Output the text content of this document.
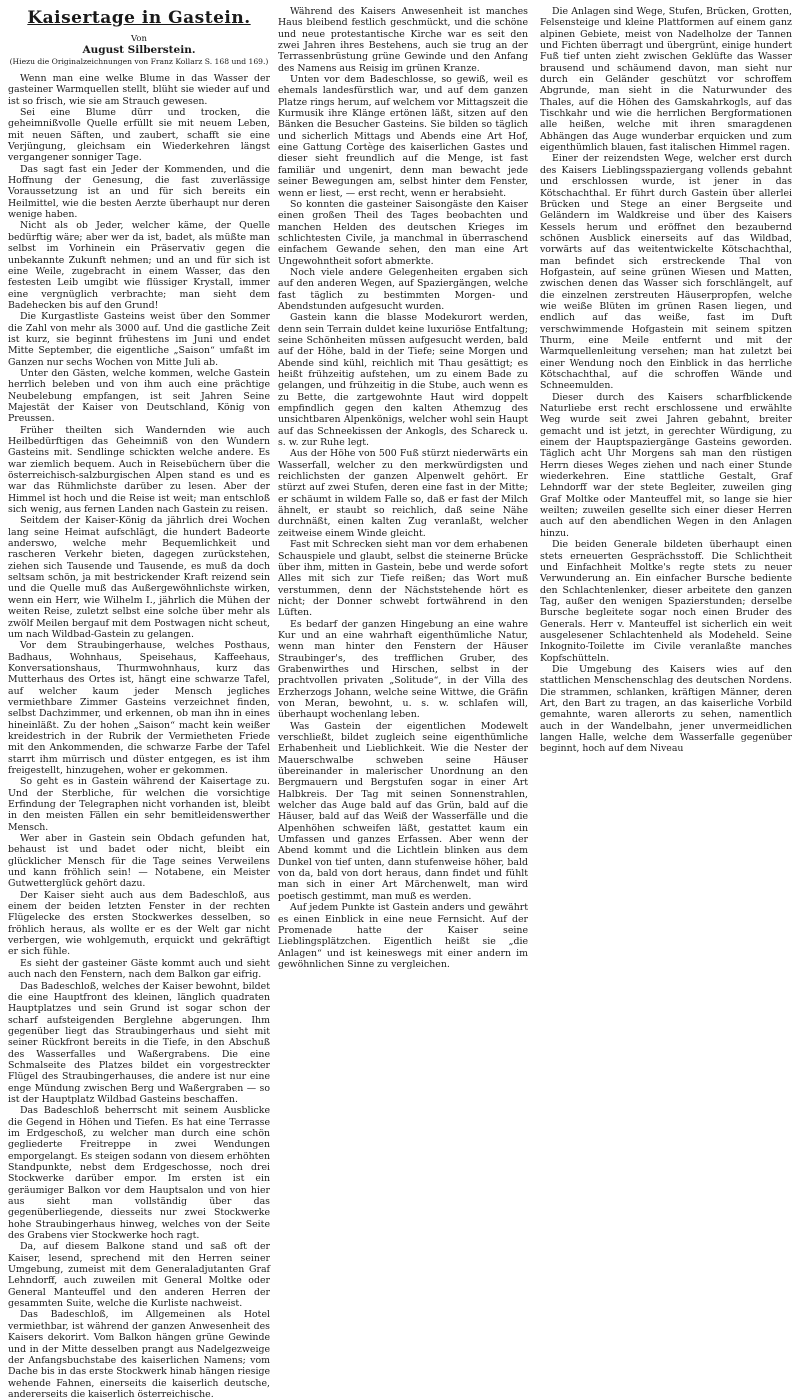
Kaisertage in Gastein.
Von
August Silberstein.
(Hiezu die Originalzeichnungen von Franz Kollarz S. 168 und 169.)

Wenn man eine welke Blume in das Wasser der gasteiner Warmquellen stellt, blüht sie wieder auf und ist so frisch, wie sie am Strauch gewesen.

Sei eine Blume dürr und trocken, die geheimnißvolle Quelle erfüllt sie mit neuem Leben, mit neuen Säften, und zaubert, schafft sie eine Verjüngung, gleichsam ein Wiederkehren längst vergangener sonniger Tage.

Das sagt fast ein Jeder der Kommenden, und die Hoffnung der Genesung, die fast zuverlässige Voraussetzung ist an und für sich bereits ein Heilmittel, wie die besten Aerzte überhaupt nur deren wenige haben.

Nicht als ob Jeder, welcher käme, der Quelle bedürftig wäre; aber wer da ist, badet, als müßte man selbst im Vorhinein ein Präservativ gegen die unbekannte Zukunft nehmen; und an und für sich ist eine Weile, zugebracht in einem Wasser, das den festesten Leib umgibt wie flüssiger Krystall, immer eine vergnüglich verbrachte; man sieht dem Badehecken bis auf den Grund!

Die Kurgastliste Gasteins weist über den Sommer die Zahl von mehr als 3000 auf. Und die gastliche Zeit ist kurz, sie beginnt frühestens im Juni und endet Mitte September, die eigentliche „Saison“ umfaßt im Ganzen nur sechs Wochen von Mitte Juli ab.

Unter den Gästen, welche kommen, welche Gastein herrlich beleben und von ihm auch eine prächtige Neubelebung empfangen, ist seit Jahren Seine Majestät der Kaiser von Deutschland, König von Preussen.

Früher theilten sich Wandernden wie auch Heilbedürftigen das Geheimniß von den Wundern Gasteins mit. Sendlinge schickten welche andere. Es war ziemlich bequem. Auch in Reisebüchern über die österreichisch-salzburgischen Alpen stand es und es war das Rühmlichste darüber zu lesen. Aber der Himmel ist hoch und die Reise ist weit; man entschloß sich wenig, aus fernen Landen nach Gastein zu reisen.

Seitdem der Kaiser-König da jährlich drei Wochen lang seine Heimat aufschlägt, die hundert Badeorte anderswo, welche mehr Bequemlichkeit und rascheren Verkehr bieten, dagegen zurückstehen, ziehen sich Tausende und Tausende, es muß da doch seltsam schön, ja mit bestrickender Kraft reizend sein und die Quelle muß das Außergewöhnlichste wirken, wenn ein Herr, wie Wilhelm I., jährlich die Mühen der weiten Reise, zuletzt selbst eine solche über mehr als zwölf Meilen bergauf mit dem Postwagen nicht scheut, um nach Wildbad-Gastein zu gelangen.

Vor dem Straubingerhause, welches Posthaus, Badhaus, Wohnhaus, Speisehaus, Kaffeehaus, Konversationshaus, Thurmwohnhaus, kurz das Mutterhaus des Ortes ist, hängt eine schwarze Tafel, auf welcher kaum jeder Mensch jegliches vermiethbare Zimmer Gasteins verzeichnet finden, selbst Dachzimmer, und erkennen, ob man ihn in eines hineinläßt. Zu der hohen „Saison“ macht kein weißer kreidestrich in der Rubrik der Vermietheten Friede mit den Ankommenden, die schwarze Farbe der Tafel starrt ihm mürrisch und düster entgegen, es ist ihm freigestellt, hinzugehen, woher er gekommen.

So geht es in Gastein während der Kaisertage zu. Und der Sterbliche, für welchen die vorsichtige Erfindung der Telegraphen nicht vorhanden ist, bleibt in den meisten Fällen ein sehr bemitleidenswerther Mensch.

Wer aber in Gastein sein Obdach gefunden hat, behaust ist und badet oder nicht, bleibt ein glücklicher Mensch für die Tage seines Verweilens und kann fröhlich sein! — Notabene, ein Meister Gutwetterglück gehört dazu.

Der Kaiser sieht auch aus dem Badeschloß, aus einem der beiden letzten Fenster in der rechten Flügelecke des ersten Stockwerkes desselben, so fröhlich heraus, als wollte er es der Welt gar nicht verbergen, wie wohlgemuth, erquickt und gekräftigt er sich fühle.

Es sieht der gasteiner Gäste kommt auch und sieht auch nach den Fenstern, nach dem Balkon gar eifrig.

Das Badeschloß, welches der Kaiser bewohnt, bildet die eine Hauptfront des kleinen, länglich quadraten Hauptplatzes und sein Grund ist sogar schon der scharf aufsteigenden Berglehne abgerungen. Ihm gegenüber liegt das Straubingerhaus und sieht mit seiner Rückfront bereits in die Tiefe, in den Abschuß des Wasserfalles und Waßergrabens. Die eine Schmalseite des Platzes bildet ein vorgestreckter Flügel des Straubingerhauses, die andere ist nur eine enge Mündung zwischen Berg und Waßergraben — so ist der Hauptplatz Wildbad Gasteins beschaffen.

Das Badeschloß beherrscht mit seinem Ausblicke die Gegend in Höhen und Tiefen. Es hat eine Terrasse im Erdgeschoß, zu welcher man durch eine schön gegliederte Freitreppe in zwei Wendungen emporgelangt. Es steigen sodann von diesem erhöhten Standpunkte, nebst dem Erdgeschosse, noch drei Stockwerke darüber empor. Im ersten ist ein geräumiger Balkon vor dem Hauptsalon und von hier aus sieht man vollständig über das gegenüberliegende, diesseits nur zwei Stockwerke hohe Straubingerhaus hinweg, welches von der Seite des Grabens vier Stockwerke hoch ragt.

Da, auf diesem Balkone stand und saß oft der Kaiser, lesend, sprechend mit den Herren seiner Umgebung, zumeist mit dem Generaladjutanten Graf Lehndorff, auch zuweilen mit General Moltke oder General Manteuffel und den anderen Herren der gesammten Suite, welche die Kurliste nachweist.

Das Badeschloß, im Allgemeinen als Hotel vermiethbar, ist während der ganzen Anwesenheit des Kaisers dekorirt. Vom Balkon hängen grüne Gewinde und in der Mitte desselben prangt aus Nadelgezweige der Anfangsbuchstabe des kaiserlichen Namens; vom Dache bis in das erste Stockwerk hinab hängen riesige wehende Fahnen, einerseits die kaiserlich deutsche, andererseits die kaiserlich österreichische.

Während des Kaisers Anwesenheit ist manches Haus bleibend festlich geschmückt, und die schöne und neue protestantische Kirche war es seit den zwei Jahren ihres Bestehens, auch sie trug an der Terrassenbrüstung grüne Gewinde und den Anfang des Namens aus Reisig im grünen Kranze.

Unten vor dem Badeschlosse, so gewiß, weil es ehemals landesfürstlich war, und auf dem ganzen Platze rings herum, auf welchem vor Mittagszeit die Kurmusik ihre Klänge ertönen läßt, sitzen auf den Bänken die Besucher Gasteins. Sie bilden so täglich und sicherlich Mittags und Abends eine Art Hof, eine Gattung Cortège des kaiserlichen Gastes und dieser sieht freundlich auf die Menge, ist fast familiär und ungenirt, denn man bewacht jede seiner Bewegungen am, selbst hinter dem Fenster, wenn er liest, — erst recht, wenn er herabsieht.

So konnten die gasteiner Saisongäste den Kaiser einen großen Theil des Tages beobachten und manchen Helden des deutschen Krieges im schlichtesten Civile, ja manchmal in überraschend einfachem Gewande sehen, den man eine Art Ungewohntheit sofort abmerkte.

Noch viele andere Gelegenheiten ergaben sich auf den anderen Wegen, auf Spaziergängen, welche fast täglich zu bestimmten Morgen- und Abendstunden aufgesucht wurden.

Gastein kann die blasse Modekurort werden, denn sein Terrain duldet keine luxuriöse Entfaltung; seine Schönheiten müssen aufgesucht werden, bald auf der Höhe, bald in der Tiefe; seine Morgen und Abende sind kühl, reichlich mit Thau gesättigt; es heißt frühzeitig aufstehen, um zu einem Bade zu gelangen, und frühzeitig in die Stube, auch wenn es zu Bette, die zartgewohnte Haut wird doppelt empfindlich gegen den kalten Athemzug des unsichtbaren Alpenkönigs, welcher wohl sein Haupt auf das Schneekissen der Ankogls, des Schareck u. s. w. zur Ruhe legt.

Aus der Höhe von 500 Fuß stürzt niederwärts ein Wasserfall, welcher zu den merkwürdigsten und reichlichsten der ganzen Alpenwelt gehört. Er stürzt auf zwei Stufen, deren eine fast in der Mitte; er schäumt in wildem Falle so, daß er fast der Milch ähnelt, er staubt so reichlich, daß seine Nähe durchnäßt, einen kalten Zug veranlaßt, welcher zeitweise einem Winde gleicht.

Fast mit Schrecken sieht man vor dem erhabenen Schauspiele und glaubt, selbst die steinerne Brücke über ihm, mitten in Gastein, bebe und werde sofort Alles mit sich zur Tiefe reißen; das Wort muß verstummen, denn der Nächststehende hört es nicht; der Donner schwebt fortwährend in den Lüften.

Es bedarf der ganzen Hingebung an eine wahre Kur und an eine wahrhaft eigenthümliche Natur, wenn man hinter den Fenstern der Häuser Straubinger's, des trefflichen Gruber, des Grabenwirthes und Hirschen, selbst in der prachtvollen privaten „Solitude“, in der Villa des Erzherzogs Johann, welche seine Wittwe, die Gräfin von Meran, bewohnt, u. s. w. schlafen will, überhaupt wochenlang leben.

Was Gastein der eigentlichen Modewelt verschließt, bildet zugleich seine eigenthümliche Erhabenheit und Lieblichkeit. Wie die Nester der Mauerschwalbe schweben seine Häuser übereinander in malerischer Unordnung an den Bergmauern und Bergstufen sogar in einer Art Halbkreis. Der Tag mit seinen Sonnenstrahlen, welcher das Auge bald auf das Grün, bald auf die Häuser, bald auf das Weiß der Wasserfälle und die Alpenhöhen schweifen läßt, gestattet kaum ein Umfassen und ganzes Erfassen. Aber wenn der Abend kommt und die Lichtlein blinken aus dem Dunkel von tief unten, dann stufenweise höher, bald von da, bald von dort heraus, dann findet und fühlt man sich in einer Art Märchenwelt, man wird poetisch gestimmt, man muß es werden.

Auf jedem Punkte ist Gastein anders und gewährt es einen Einblick in eine neue Fernsicht. Auf der Promenade hatte der Kaiser seine Lieblingsplätzchen. Eigentlich heißt sie „die Anlagen“ und ist keineswegs mit einer andern im gewöhnlichen Sinne zu vergleichen.

Die Anlagen sind Wege, Stufen, Brücken, Grotten, Felsensteige und kleine Plattformen auf einem ganz alpinen Gebiete, meist von Nadelholze der Tannen und Fichten überragt und übergrünt, einige hundert Fuß tief unten zieht zwischen Geklüfte das Wasser brausend und schäumend davon, man sieht nur durch ein Geländer geschützt vor schroffem Abgrunde, man sieht in die Naturwunder des Thales, auf die Höhen des Gamskahrkogls, auf das Tischkahr und wie die herrlichen Bergformationen alle heißen, welche mit ihren smaragdenen Abhängen das Auge wunderbar erquicken und zum eigenthümlich blauen, fast italischen Himmel ragen.

Einer der reizendsten Wege, welcher erst durch des Kaisers Lieblingsspaziergang vollends gebahnt und erschlossen wurde, ist jener in das Kötschachthal. Er führt durch Gastein über allerlei Brücken und Stege an einer Bergseite und Geländern im Waldkreise und über des Kaisers Kessels herum und eröffnet den bezaubernd schönen Ausblick einerseits auf das Wildbad, vorwärts auf das weitentwickelte Kötschachthal, man befindet sich erstreckende Thal von Hofgastein, auf seine grünen Wiesen und Matten, zwischen denen das Wasser sich forschlängelt, auf die einzelnen zerstreuten Häuserpropfen, welche wie weiße Blüten im grünen Rasen liegen, und endlich auf das weiße, fast im Duft verschwimmende Hofgastein mit seinem spitzen Thurm, eine Meile entfernt und mit der Warmquellenleitung versehen; man hat zuletzt bei einer Wendung noch den Einblick in das herrliche Kötschachthal, auf die schroffen Wände und Schneemulden.

Dieser durch des Kaisers scharfblickende Naturliebe erst recht erschlossene und erwählte Weg wurde seit zwei Jahren gebahnt, breiter gemacht und ist jetzt, in gerechter Würdigung, zu einem der Hauptspaziergänge Gasteins geworden. Täglich acht Uhr Morgens sah man den rüstigen Herrn dieses Weges ziehen und nach einer Stunde wiederkehren. Eine stattliche Gestalt, Graf Lehndorff war der stete Begleiter, zuweilen ging Graf Moltke oder Manteuffel mit, so lange sie hier weilten; zuweilen gesellte sich einer dieser Herren auch auf den abendlichen Wegen in den Anlagen hinzu.

Die beiden Generale bildeten überhaupt einen stets erneuerten Gesprächsstoff. Die Schlichtheit und Einfachheit Moltke's regte stets zu neuer Verwunderung an. Ein einfacher Bursche bediente den Schlachtenlenker, dieser arbeitete den ganzen Tag, außer den wenigen Spazierstunden; derselbe Bursche begleitete sogar noch einen Bruder des Generals. Herr v. Manteuffel ist sicherlich ein weit ausgelesener Schlachtenheld als Modeheld. Seine Inkognito-Toilette im Civile veranlaßte manches Kopfschütteln.

Die Umgebung des Kaisers wies auf den stattlichen Menschenschlag des deutschen Nordens. Die strammen, schlanken, kräftigen Männer, deren Art, den Bart zu tragen, an das kaiserliche Vorbild gemahnte, waren allerorts zu sehen, namentlich auch in der Wandelbahn, jener unvermeidlichen langen Halle, welche dem Wasserfalle gegenüber beginnt, hoch auf dem Niveau
